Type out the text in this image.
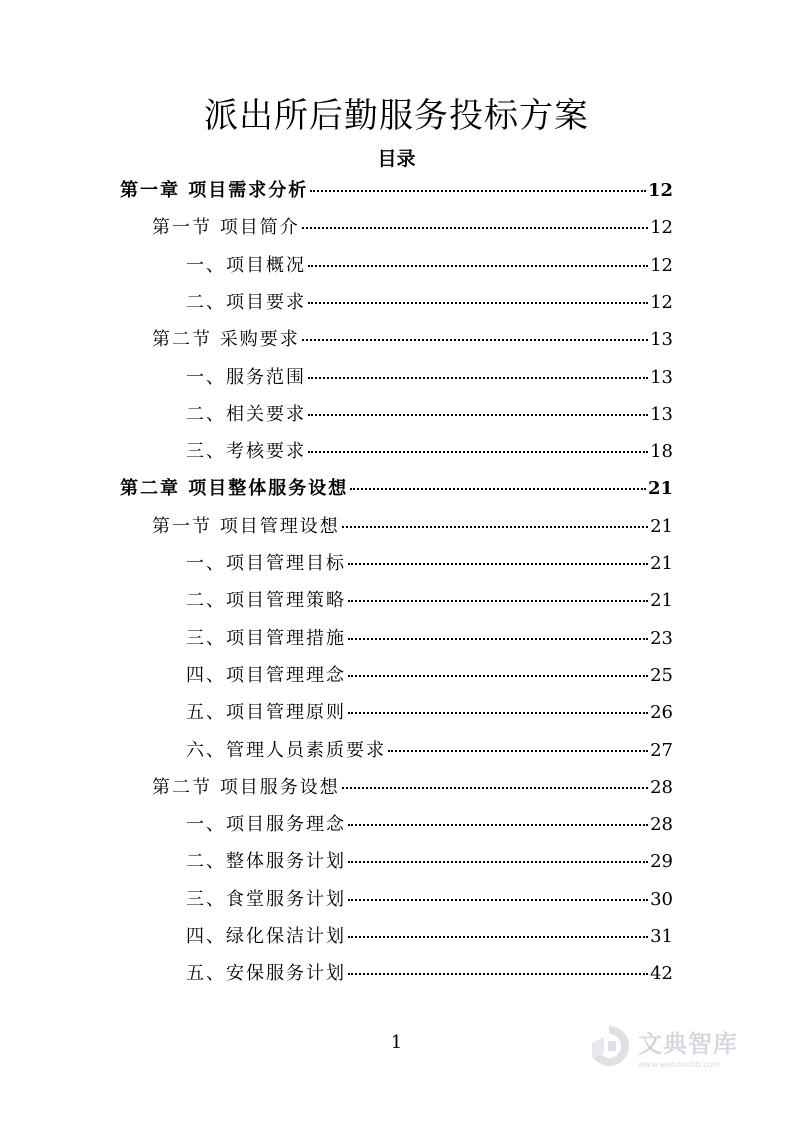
派出所后勤服务投标方案
目录
第一章 项目需求分析	12
第一节 项目简介	12
一、项目概况	12
二、项目要求	12
第二节 采购要求	13
一、服务范围	13
二、相关要求	13
三、考核要求	18
第二章 项目整体服务设想	21
第一节 项目管理设想	21
一、项目管理目标	21
二、项目管理策略	21
三、项目管理措施	23
四、项目管理理念	25
五、项目管理原则	26
六、管理人员素质要求	27
第二节 项目服务设想	28
一、项目服务理念	28
二、整体服务计划	29
三、食堂服务计划	30
四、绿化保洁计划	31
五、安保服务计划	42
1	文典智库
www.wendoulib.com
